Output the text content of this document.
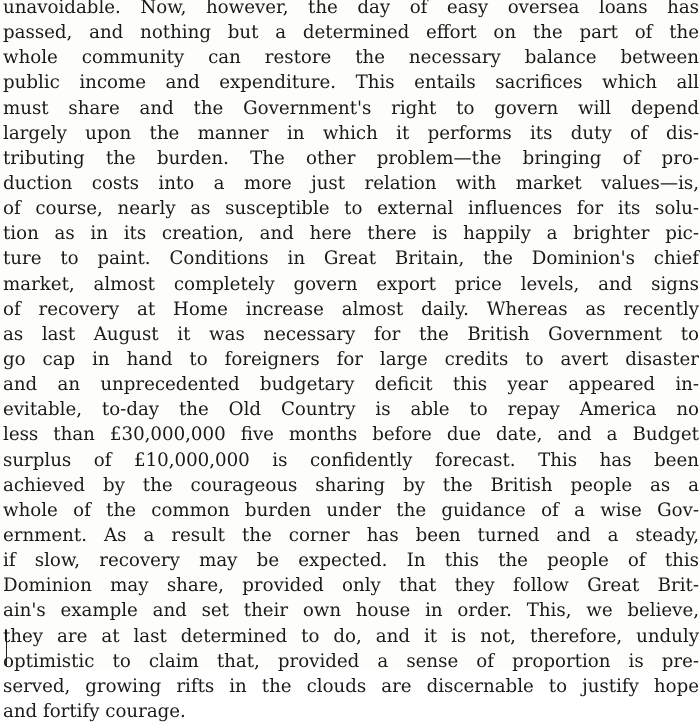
unavoidable. Now, however, the day of easy oversea loans has
passed, and nothing but a determined effort on the part of the
whole community can restore the necessary balance between
public income and expenditure. This entails sacrifices which all
must share and the Government's right to govern will depend
largely upon the manner in which it performs its duty of dis-
tributing the burden. The other problem—the bringing of pro-
duction costs into a more just relation with market values—is,
of course, nearly as susceptible to external influences for its solu-
tion as in its creation, and here there is happily a brighter pic-
ture to paint. Conditions in Great Britain, the Dominion's chief
market, almost completely govern export price levels, and signs
of recovery at Home increase almost daily. Whereas as recently
as last August it was necessary for the British Government to
go cap in hand to foreigners for large credits to avert disaster
and an unprecedented budgetary deficit this year appeared in-
evitable, to-day the Old Country is able to repay America no
less than £30,000,000 five months before due date, and a Budget
surplus of £10,000,000 is confidently forecast. This has been
achieved by the courageous sharing by the British people as a
whole of the common burden under the guidance of a wise Gov-
ernment. As a result the corner has been turned and a steady,
if slow, recovery may be expected. In this the people of this
Dominion may share, provided only that they follow Great Brit-
ain's example and set their own house in order. This, we believe,
they are at last determined to do, and it is not, therefore, unduly
optimistic to claim that, provided a sense of proportion is pre-
served, growing rifts in the clouds are discernable to justify hope
and fortify courage.
